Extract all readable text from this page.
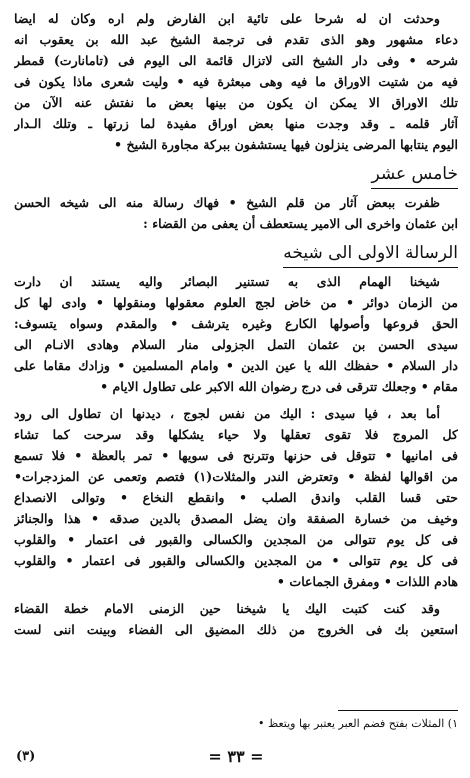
وحدثت ان له شرحا على تائية ابن الفارض ولم اره وكان له ايضا
دعاء مشهور وهو الذى تقدم فى ترجمة الشيخ عبد الله بن يعقوب انه
شرحه • وفى دار الشيخ التى لاتزال قائمة الى اليوم فى (تامانارت) قمطر
فيه من شتيت الاوراق ما فيه وهى مبعثرة فيه • وليت شعرى ماذا يكون فى
تلك الاوراق الا يمكن ان يكون من بينها بعض ما نفتش عنه الآن من
آثار قلمه ـ وقد وجدت منها بعض اوراق مفيدة لما زرتها ـ وتلك الـدار
اليوم ينتابها المرضى ينزلون فيها يستشفون ببركة مجاورة الشيخ •
خامس عشر
ظفرت ببعض آثار من قلم الشيخ • فهاك رسالة منه الى شيخه الحسن
ابن عثمان واخرى الى الامير يستعطف أن يعفى من القضاء :
الرسالة الاولى الى شيخه
شيخنا الهمام الذى به تستنير البصائر واليه يستند ان دارت
من الزمان دوائر • من خاض لجج العلوم معقولها ومنقولها • وادى لها كل
الحق فروعها وأصولها الكارع وغيره يترشف • والمقدم وسواه يتسوف:
سيدى الحسن بن عثمان التمل الجزولى منار السلام وهادى الانـام الى
دار السلام • حفظك الله يا عين الدين • وامام المسلمين • وزادك مقاما على
مقام • وجعلك تترقى فى درج رضوان الله الاكبر على تطاول الايام •
أما بعد ، فيا سيدى : اليك من نفس لجوج ، ديدنها ان تطاول الى رود
كل المروج فلا تقوى تعقلها ولا حياء يشكلها وقد سرحت كما تشاء
فى امانيها • تتوقل فى حزنها وتترنح فى سويها • تمر بالعظة • فلا تسمع
من اقوالها لفظة • وتعترض الندر والمثلات(١) فتصم وتعمى عن المزدجرات•
حتى قسا القلب واندق الصلب • وانقطع النخاع • وتوالى الانصداع
وخيف من خسارة الصفقة وان يضل المصدق بالدين صدقه • هذا والجنائز
فى كل يوم تتوالى من المجدين والكسالى والقبور فى اعتمار • والقلوب
فى كل يوم تتوالى • من المجدين والكسالى والقبور فى اعتمار • والقلوب
هادم اللذات • ومفرق الجماعات •
وقد كنت كتبت اليك يا شيخنا حين الزمنى الامام خطة القضاء
استعين بك فى الخروج من ذلك المضيق الى الفضاء وبينت اننى لست
١) المثلات بفتح فضم العبر يعتبر بها ويتعظ •
= ٣٣ =
(٣)
